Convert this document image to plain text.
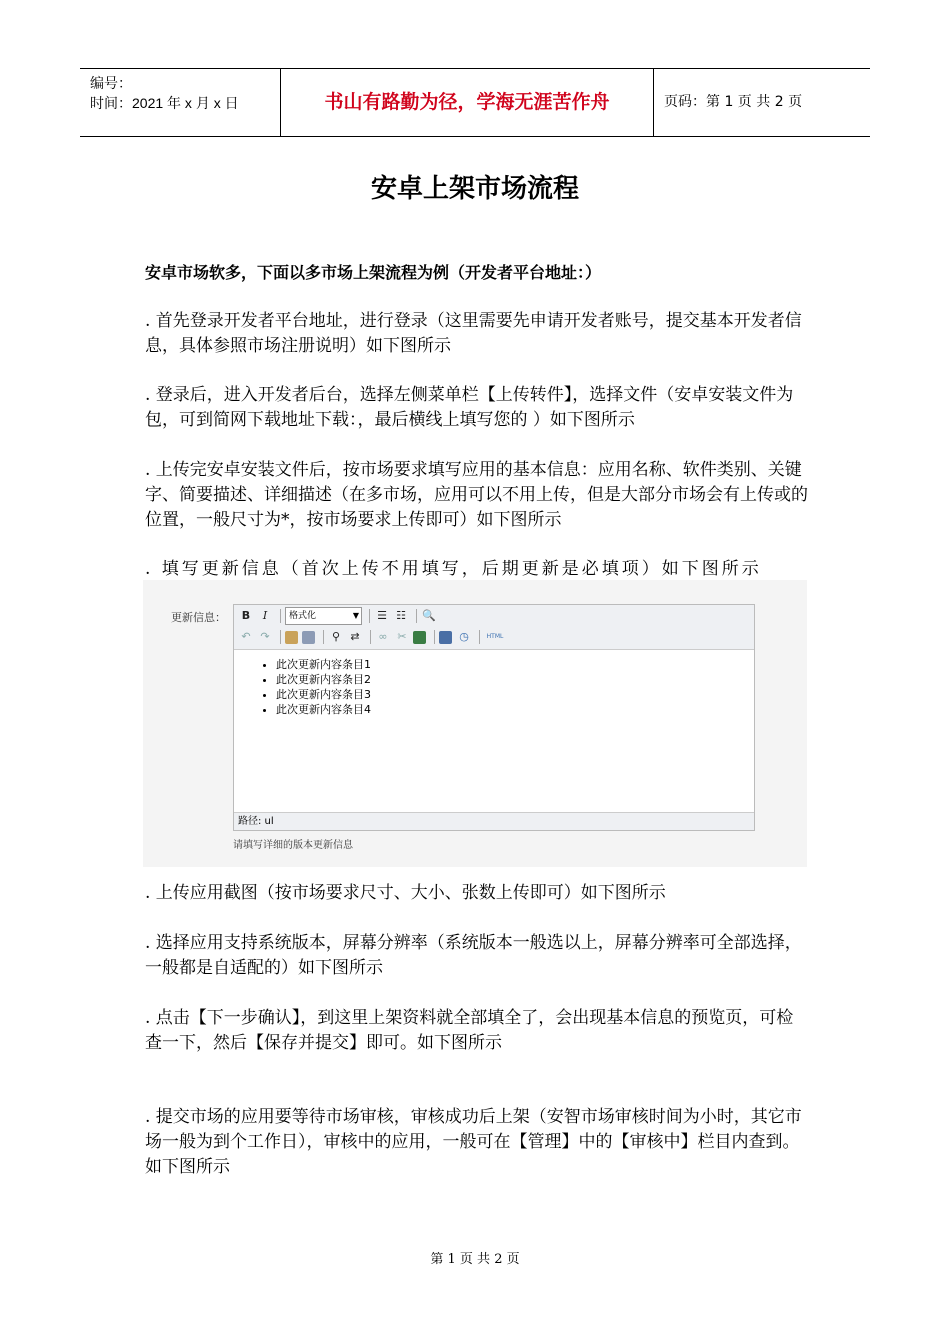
编号：
时间：2021 年 x 月 x 日	书山有路勤为径，学海无涯苦作舟	页码：第 1 页 共 2 页
安卓上架市场流程
安卓市场软多，下面以多市场上架流程为例（开发者平台地址：）
. 首先登录开发者平台地址，进行登录（这里需要先申请开发者账号，提交基本开发者信息，具体参照市场注册说明）如下图所示
. 登录后，进入开发者后台，选择左侧菜单栏【上传转件】，选择文件（安卓安装文件为包，可到简网下载地址下载：，最后横线上填写您的 ）如下图所示
. 上传完安卓安装文件后，按市场要求填写应用的基本信息：应用名称、软件类别、关键字、简要描述、详细描述（在多市场，应用可以不用上传，但是大部分市场会有上传或的位置，一般尺寸为*，按市场要求上传即可）如下图所示
. 填写更新信息（首次上传不用填写，后期更新是必填项）如下图所示
更新信息：	B	I	格式化	▼ ☰ ☷ 🔍
↶ ↷	⚲ ⇄	∞ ✂	◷	HTML
• 此次更新内容条目1
• 此次更新内容条目2
• 此次更新内容条目3
• 此次更新内容条目4
路径: ul
请填写详细的版本更新信息
. 上传应用截图（按市场要求尺寸、大小、张数上传即可）如下图所示
. 选择应用支持系统版本，屏幕分辨率（系统版本一般选以上，屏幕分辨率可全部选择，一般都是自适配的）如下图所示
. 点击【下一步确认】，到这里上架资料就全部填全了，会出现基本信息的预览页，可检查一下，然后【保存并提交】即可。如下图所示
. 提交市场的应用要等待市场审核，审核成功后上架（安智市场审核时间为小时，其它市场一般为到个工作日），审核中的应用，一般可在【管理】中的【审核中】栏目内查到。如下图所示
第 1 页 共 2 页
